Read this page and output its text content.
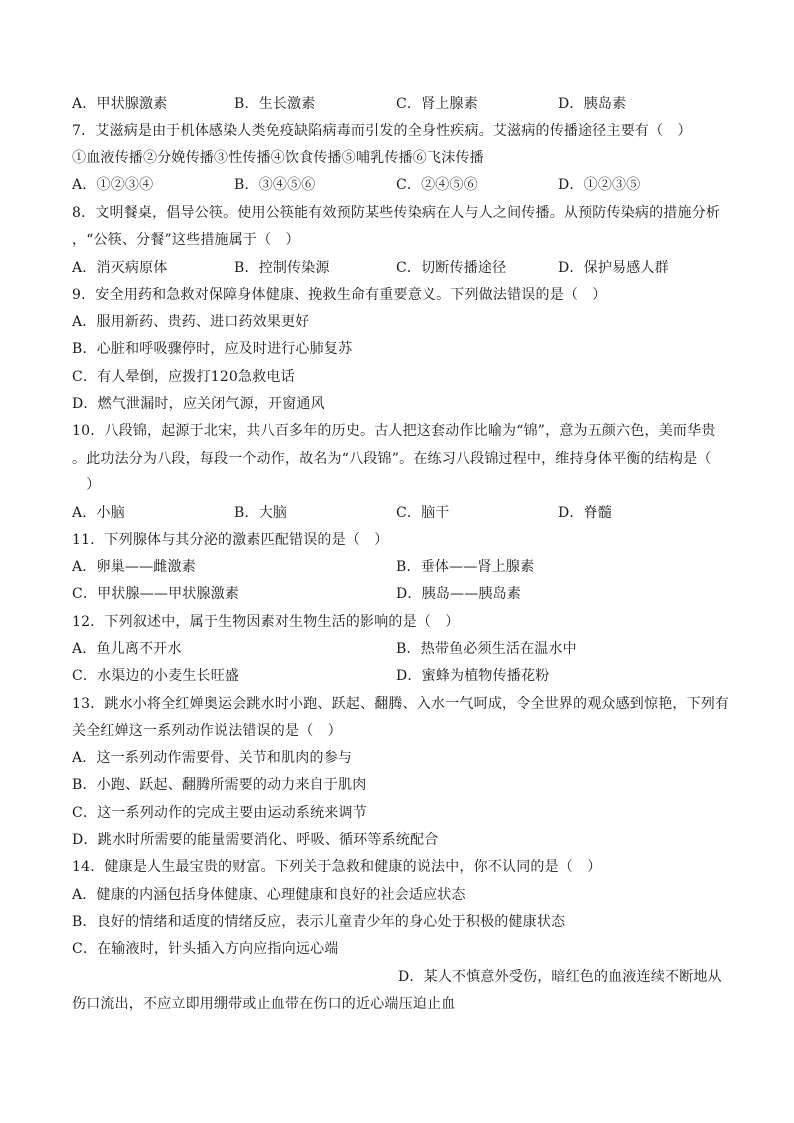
A．甲状腺激素	B．生长激素	C．肾上腺素	D．胰岛素
7．艾滋病是由于机体感染人类免疫缺陷病毒而引发的全身性疾病。艾滋病的传播途径主要有（　）
①血液传播②分娩传播③性传播④饮食传播⑤哺乳传播⑥飞沫传播
A．①②③④	B．③④⑤⑥	C．②④⑤⑥	D．①②③⑤
8．文明餐桌，倡导公筷。使用公筷能有效预防某些传染病在人与人之间传播。从预防传染病的措施分析
，“公筷、分餐”这些措施属于（　）
A．消灭病原体	B．控制传染源	C．切断传播途径	D．保护易感人群
9．安全用药和急救对保障身体健康、挽救生命有重要意义。下列做法错误的是（　）
A．服用新药、贵药、进口药效果更好
B．心脏和呼吸骤停时，应及时进行心肺复苏
C．有人晕倒，应拨打120急救电话
D．燃气泄漏时，应关闭气源，开窗通风
10．八段锦，起源于北宋，共八百多年的历史。古人把这套动作比喻为“锦”，意为五颜六色，美而华贵
。此功法分为八段，每段一个动作，故名为“八段锦”。在练习八段锦过程中，维持身体平衡的结构是（
　）
A．小脑	B．大脑	C．脑干	D．脊髓
11．下列腺体与其分泌的激素匹配错误的是（　）
A．卵巢——雌激素	B．垂体——肾上腺素
C．甲状腺——甲状腺激素	D．胰岛——胰岛素
12．下列叙述中，属于生物因素对生物生活的影响的是（　）
A．鱼儿离不开水	B．热带鱼必须生活在温水中
C．水渠边的小麦生长旺盛	D．蜜蜂为植物传播花粉
13．跳水小将全红婵奥运会跳水时小跑、跃起、翻腾、入水一气呵成，令全世界的观众感到惊艳，下列有
关全红婵这一系列动作说法错误的是（　）
A．这一系列动作需要骨、关节和肌肉的参与
B．小跑、跃起、翻腾所需要的动力来自于肌肉
C．这一系列动作的完成主要由运动系统来调节
D．跳水时所需要的能量需要消化、呼吸、循环等系统配合
14．健康是人生最宝贵的财富。下列关于急救和健康的说法中，你不认同的是（　）
A．健康的内涵包括身体健康、心理健康和良好的社会适应状态
B．良好的情绪和适度的情绪反应，表示儿童青少年的身心处于积极的健康状态
C．在输液时，针头插入方向应指向远心端
D．某人不慎意外受伤，暗红色的血液连续不断地从
伤口流出，不应立即用绷带或止血带在伤口的近心端压迫止血
